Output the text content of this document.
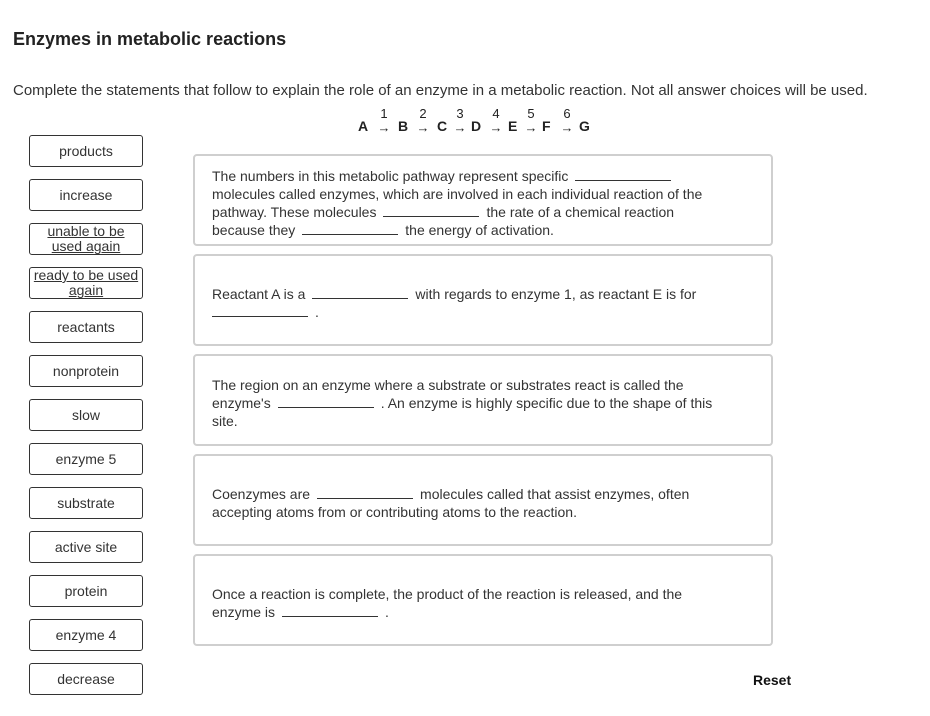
Enzymes in metabolic reactions

Complete the statements that follow to explain the role of an enzyme in a metabolic reaction. Not all answer choices will be used.

A
1
→ B
2
→ C
3
→ D
4
→ E
5
→ F
6
→ G
products
increase
unable to be used again
ready to be used again
reactants
nonprotein
slow
enzyme 5
substrate
active site
protein
enzyme 4
decrease
The numbers in this metabolic pathway represent specificmolecules called enzymes, which are involved in each individual reaction of the pathway. These molecules	the rate of a chemical reaction because they	the energy of activation.
Reactant A is a	with regards to enzyme 1, as reactant E is for
.
The region on an enzyme where a substrate or substrates react is called the enzyme's	. An enzyme is highly specific due to the shape of this site.
Coenzymes are	molecules called that assist enzymes, often accepting atoms from or contributing atoms to the reaction.
Once a reaction is complete, the product of the reaction is released, and the enzyme is	.
Reset
